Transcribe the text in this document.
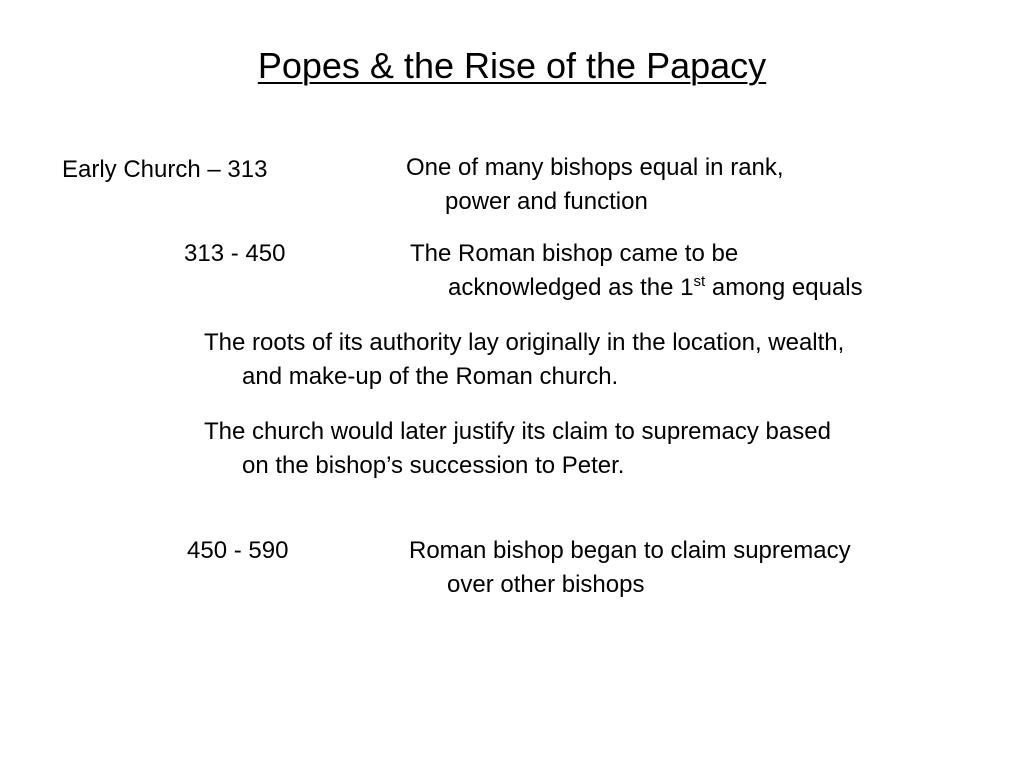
Popes & the Rise of the Papacy
Early Church – 313	One of many bishops equal in rank,
power and function
313 - 450	The Roman bishop came to be
acknowledged as the 1st among equals
The roots of its authority lay originally in the location, wealth,
and make-up of the Roman church.
The church would later justify its claim to supremacy based
on the bishop’s succession to Peter.
450 - 590	Roman bishop began to claim supremacy
over other bishops
